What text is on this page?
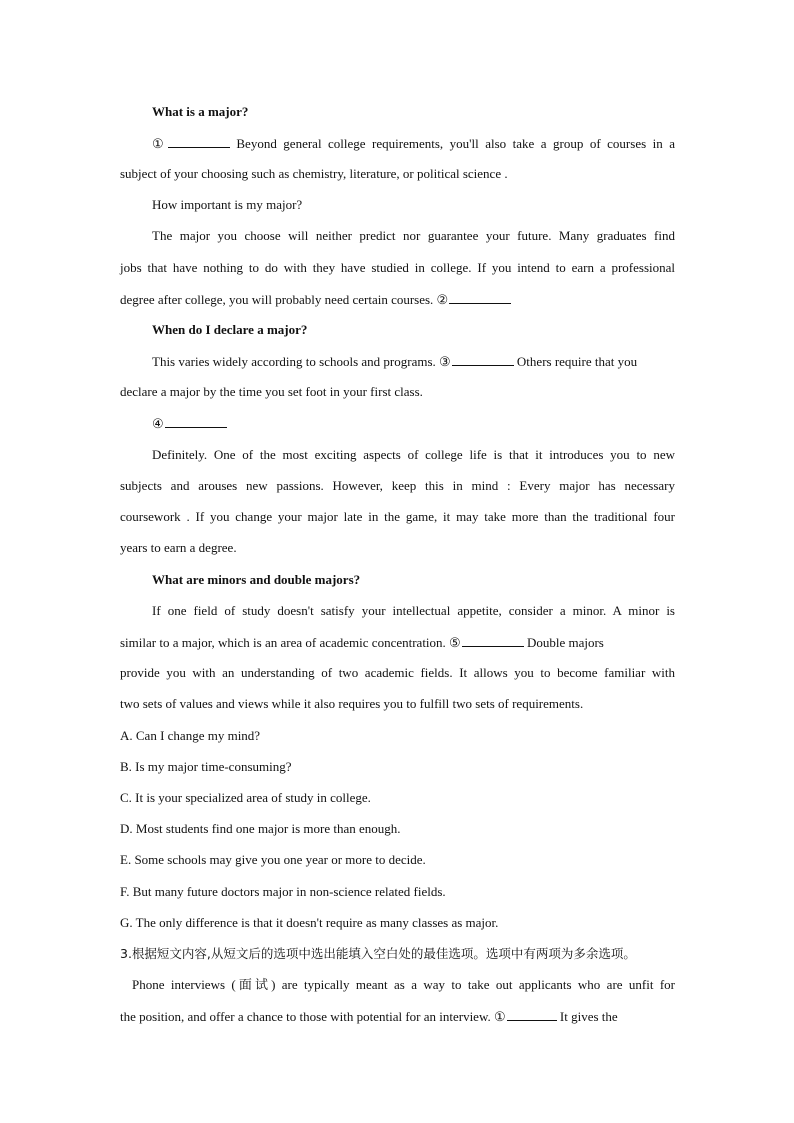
What is a major?
①	Beyond general college requirements, you'll also take a group of courses in a
subject of your choosing such as chemistry, literature, or political science .
How important is my major?
The major you choose will neither predict nor guarantee your future. Many graduates find
jobs that have nothing to do with they have studied in college. If you intend to earn a professional
degree after college, you will probably need certain courses. ②
When do I declare a major?
This varies widely according to schools and programs. ③	Others require that you
declare a major by the time you set foot in your first class.
④
Definitely. One of the most exciting aspects of college life is that it introduces you to new
subjects and arouses new passions. However, keep this in mind : Every major has necessary
coursework . If you change your major late in the game, it may take more than the traditional four
years to earn a degree.
What are minors and double majors?
If one field of study doesn't satisfy your intellectual appetite, consider a minor. A minor is
similar to a major, which is an area of academic concentration. ⑤	Double majors
provide you with an understanding of two academic fields. It allows you to become familiar with
two sets of values and views while it also requires you to fulfill two sets of requirements.
A. Can I change my mind?
B. Is my major time-consuming?
C. It is your specialized area of study in college.
D. Most students find one major is more than enough.
E. Some schools may give you one year or more to decide.
F. But many future doctors major in non-science related fields.
G. The only difference is that it doesn't require as many classes as major.
3.根据短文内容,从短文后的选项中选出能填入空白处的最佳选项。选项中有两项为多余选项。
Phone interviews (面试) are typically meant as a way to take out applicants who are unfit for
the position, and offer a chance to those with potential for an interview. ①	It gives the
